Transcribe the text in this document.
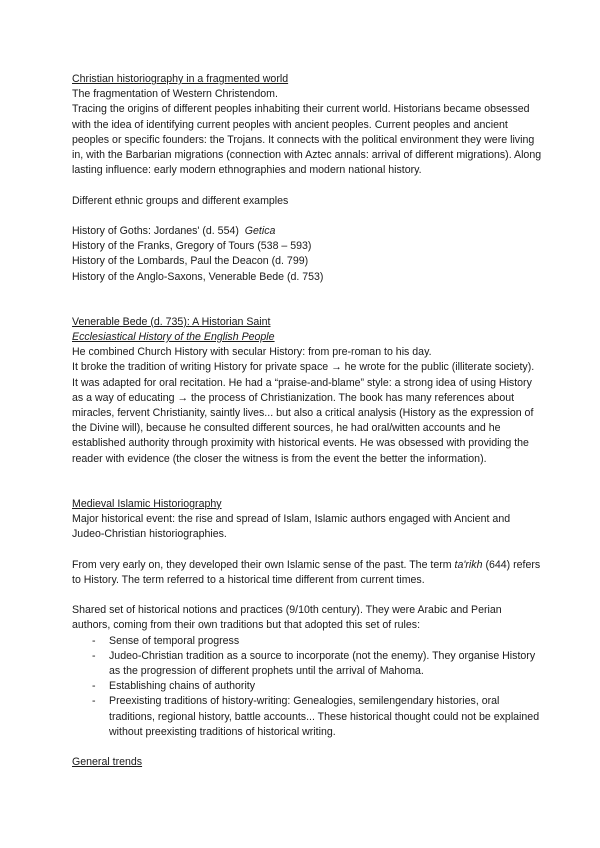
Christian historiography in a fragmented world

The fragmentation of Western Christendom.

Tracing the origins of different peoples inhabiting their current world. Historians became obsessed with the idea of identifying current peoples with ancient peoples. Current peoples and ancient peoples or specific founders: the Trojans. It connects with the political environment they were living in, with the Barbarian migrations (connection with Aztec annals: arrival of different migrations). Along lasting influence: early modern ethnographies and modern national history.

Different ethnic groups and different examples

History of Goths: Jordanes' (d. 554) Getica

History of the Franks, Gregory of Tours (538 – 593)

History of the Lombards, Paul the Deacon (d. 799)

History of the Anglo-Saxons, Venerable Bede (d. 753)

Venerable Bede (d. 735): A Historian Saint

Ecclesiastical History of the English People

He combined Church History with secular History: from pre-roman to his day.

It broke the tradition of writing History for private space → he wrote for the public (illiterate society). It was adapted for oral recitation. He had a “praise-and-blame” style: a strong idea of using History as a way of educating → the process of Christianization. The book has many references about miracles, fervent Christianity, saintly lives... but also a critical analysis (History as the expression of the Divine will), because he consulted different sources, he had oral/witten accounts and he established authority through proximity with historical events. He was obsessed with providing the reader with evidence (the closer the witness is from the event the better the information).

Medieval Islamic Historiography

Major historical event: the rise and spread of Islam, Islamic authors engaged with Ancient and Judeo-Christian historiographies.

From very early on, they developed their own Islamic sense of the past. The term ta'rikh (644) refers to History. The term referred to a historical time different from current times.

Shared set of historical notions and practices (9/10th century). They were Arabic and Perian authors, coming from their own traditions but that adopted this set of rules:

- Sense of temporal progress
- Judeo-Christian tradition as a source to incorporate (not the enemy). They organise History as the progression of different prophets until the arrival of Mahoma.
- Establishing chains of authority
- Preexisting traditions of history-writing: Genealogies, semilengendary histories, oral traditions, regional history, battle accounts... These historical thought could not be explained without preexisting traditions of historical writing.

General trends
